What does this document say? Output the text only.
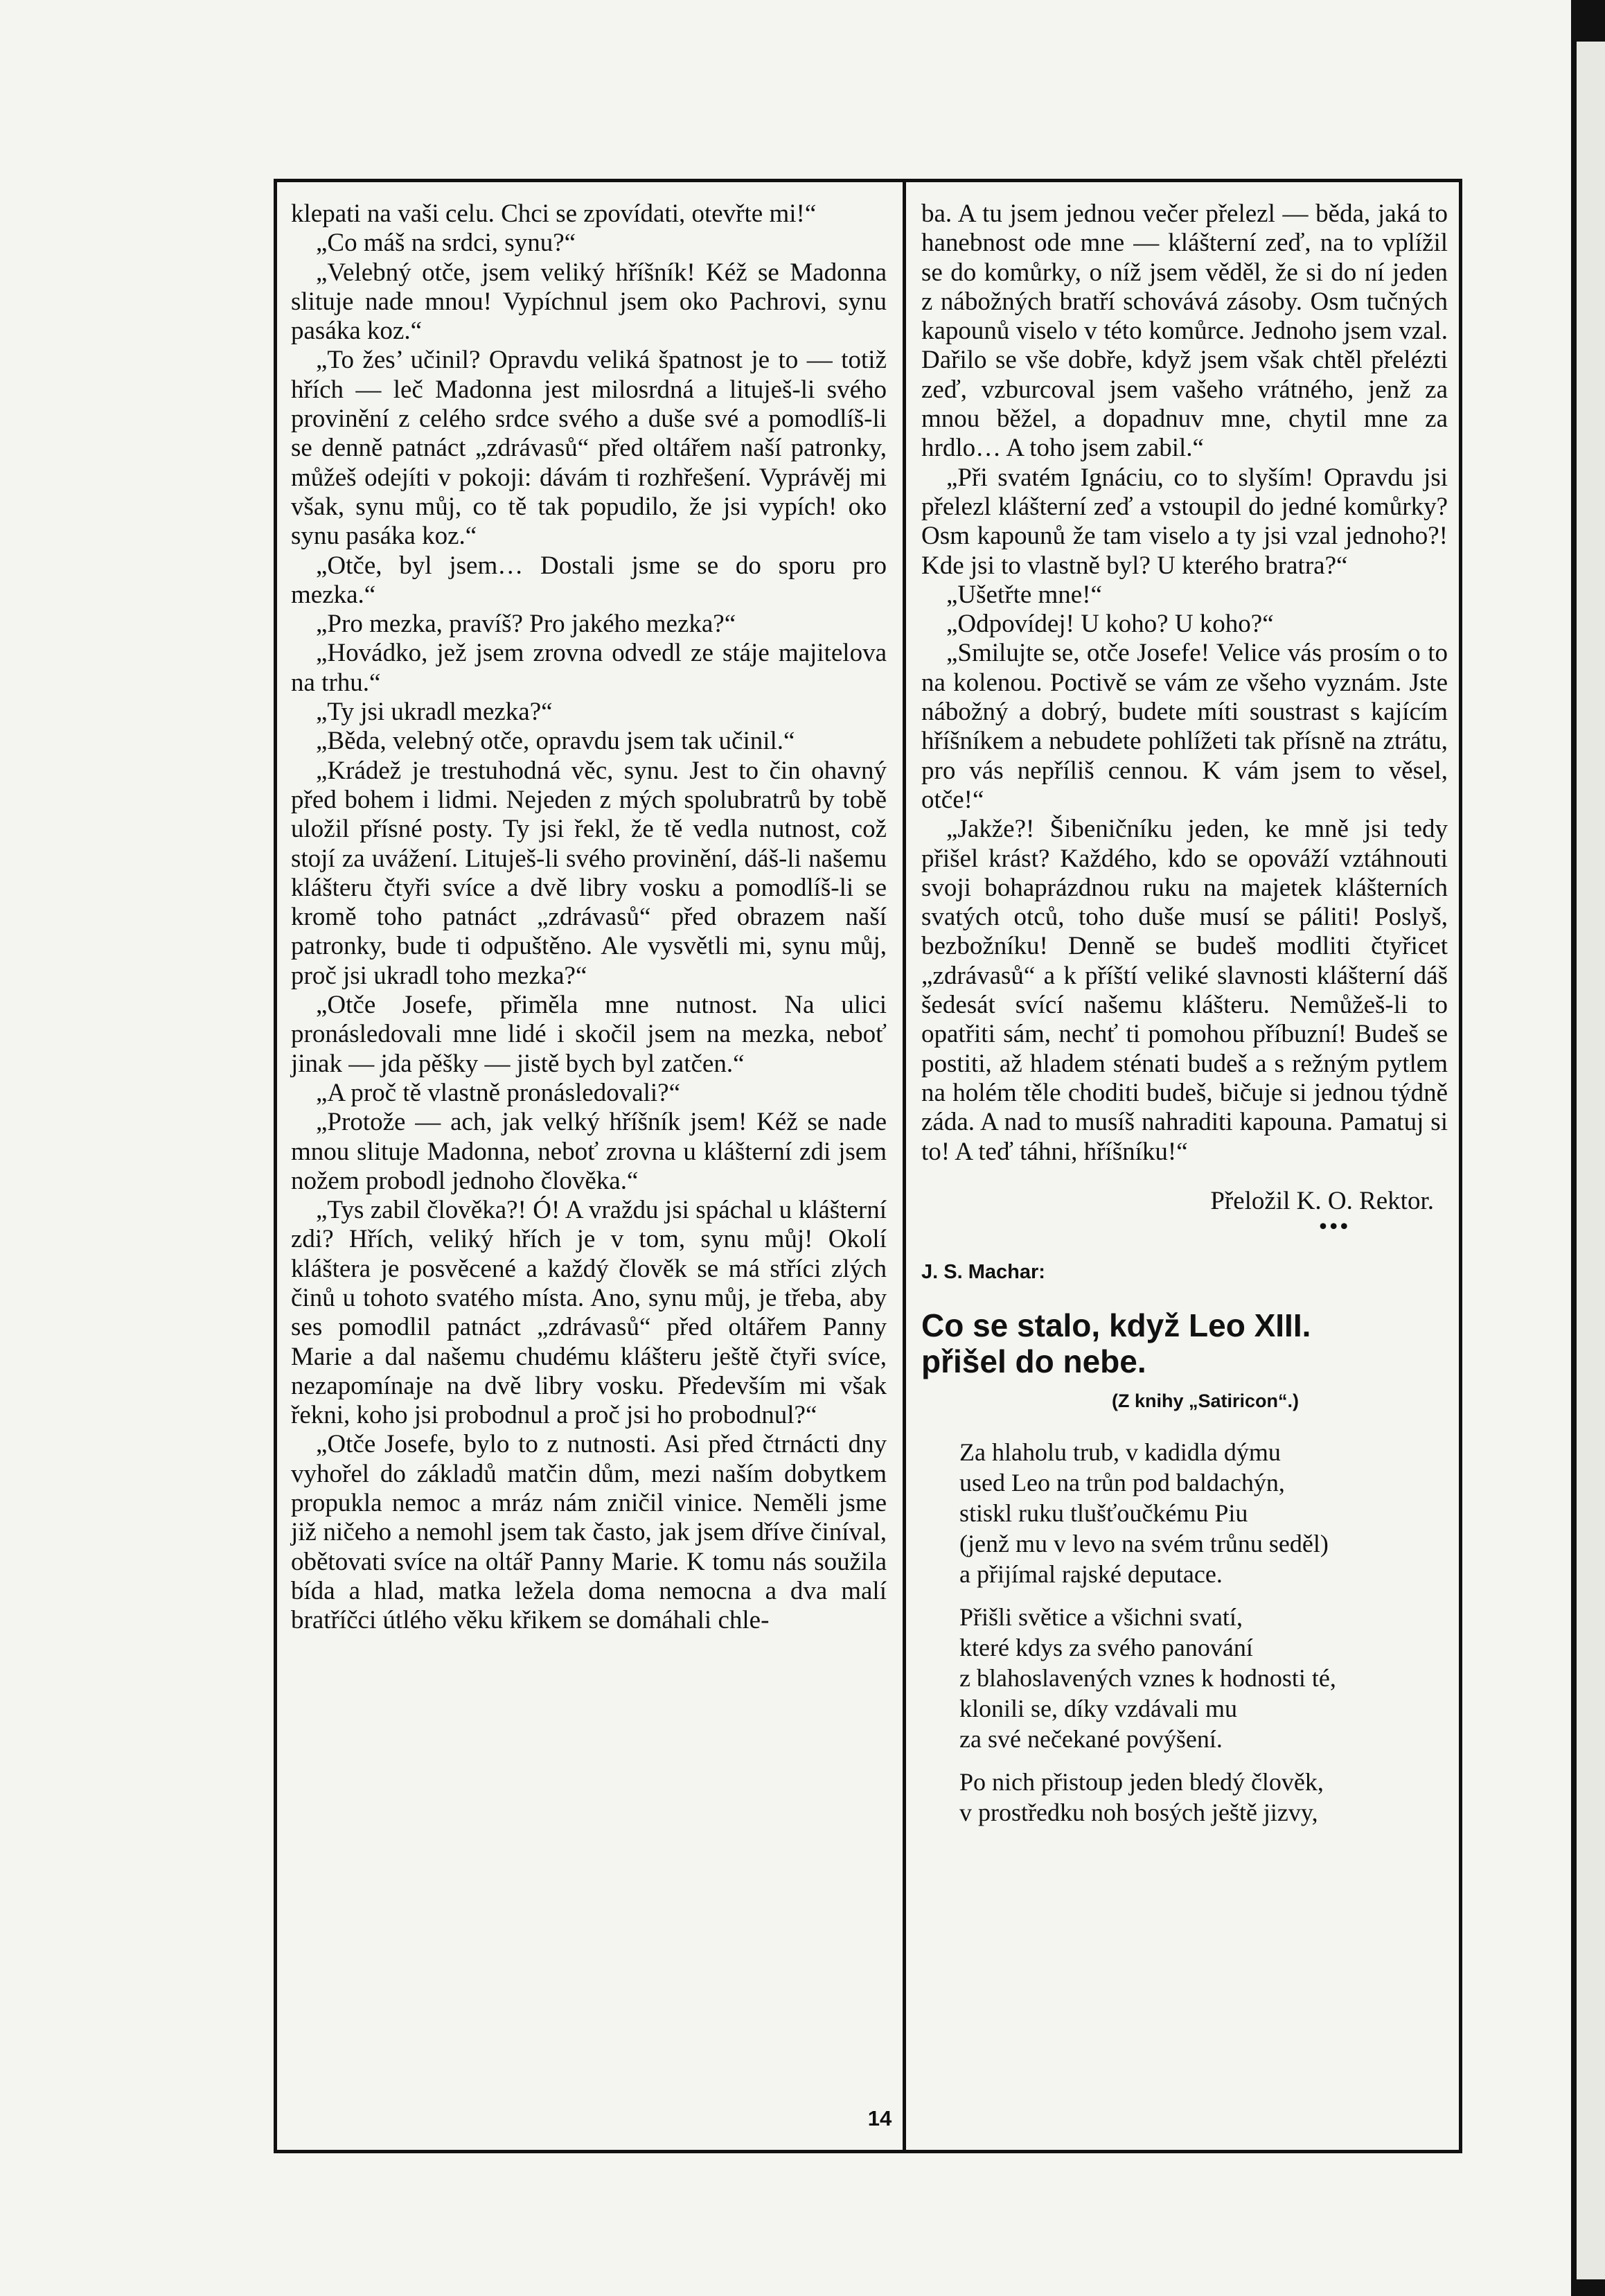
klepati na vaši celu. Chci se zpovídati, otevřte mi!“

„Co máš na srdci, synu?“

„Velebný otče, jsem veliký hříšník! Kéž se Madonna slituje nade mnou! Vypíchnul jsem oko Pachrovi, synu pasáka koz.“

„To žes’ učinil? Opravdu veliká špatnost je to — totiž hřích — leč Madonna jest milosrdná a lituješ-li svého provinění z celého srdce svého a duše své a pomodlíš-li se denně patnáct „zdrávasů“ před oltářem naší patronky, můžeš odejíti v pokoji: dávám ti rozhřešení. Vyprávěj mi však, synu můj, co tě tak popudilo, že jsi vypích! oko synu pasáka koz.“

„Otče, byl jsem… Dostali jsme se do sporu pro mezka.“

„Pro mezka, pravíš? Pro jakého mezka?“

„Hovádko, jež jsem zrovna odvedl ze stáje majitelova na trhu.“

„Ty jsi ukradl mezka?“

„Běda, velebný otče, opravdu jsem tak učinil.“

„Krádež je trestuhodná věc, synu. Jest to čin ohavný před bohem i lidmi. Nejeden z mých spolubratrů by tobě uložil přísné posty. Ty jsi řekl, že tě vedla nutnost, což stojí za uvážení. Lituješ-li svého provinění, dáš-li našemu klášteru čtyři svíce a dvě libry vosku a pomodlíš-li se kromě toho patnáct „zdrávasů“ před obrazem naší patronky, bude ti odpuštěno. Ale vysvětli mi, synu můj, proč jsi ukradl toho mezka?“

„Otče Josefe, přiměla mne nutnost. Na ulici pronásledovali mne lidé i skočil jsem na mezka, neboť jinak — jda pěšky — jistě bych byl zatčen.“

„A proč tě vlastně pronásledovali?“

„Protože — ach, jak velký hříšník jsem! Kéž se nade mnou slituje Madonna, neboť zrovna u klášterní zdi jsem nožem probodl jednoho člověka.“

„Tys zabil člověka?! Ó! A vraždu jsi spáchal u klášterní zdi? Hřích, veliký hřích je v tom, synu můj! Okolí kláštera je posvěcené a každý člověk se má stříci zlých činů u tohoto svatého místa. Ano, synu můj, je třeba, aby ses pomodlil patnáct „zdrávasů“ před oltářem Panny Marie a dal našemu chudému klášteru ještě čtyři svíce, nezapomínaje na dvě libry vosku. Především mi však řekni, koho jsi probodnul a proč jsi ho probodnul?“

„Otče Josefe, bylo to z nutnosti. Asi před čtrnácti dny vyhořel do základů matčin dům, mezi naším dobytkem propukla nemoc a mráz nám zničil vinice. Neměli jsme již ničeho a nemohl jsem tak často, jak jsem dříve činíval, obětovati svíce na oltář Panny Marie. K tomu nás soužila bída a hlad, matka ležela doma nemocna a dva malí bratříčci útlého věku křikem se domáhali chle-

ba. A tu jsem jednou večer přelezl — běda, jaká to hanebnost ode mne — klášterní zeď, na to vplížil se do komůrky, o níž jsem věděl, že si do ní jeden z nábožných bratří schovává zásoby. Osm tučných kapounů viselo v této komůrce. Jednoho jsem vzal. Dařilo se vše dobře, když jsem však chtěl přelézti zeď, vzburcoval jsem vašeho vrátného, jenž za mnou běžel, a dopadnuv mne, chytil mne za hrdlo… A toho jsem zabil.“

„Při svatém Ignáciu, co to slyším! Opravdu jsi přelezl klášterní zeď a vstoupil do jedné komůrky? Osm kapounů že tam viselo a ty jsi vzal jednoho?! Kde jsi to vlastně byl? U kterého bratra?“

„Ušetřte mne!“

„Odpovídej! U koho? U koho?“

„Smilujte se, otče Josefe! Velice vás prosím o to na kolenou. Poctivě se vám ze všeho vyznám. Jste nábožný a dobrý, budete míti soustrast s kajícím hříšníkem a nebudete pohlížeti tak přísně na ztrátu, pro vás nepříliš cennou. K vám jsem to věsel, otče!“

„Jakže?! Šibeničníku jeden, ke mně jsi tedy přišel krást? Každého, kdo se opováží vztáhnouti svoji bohaprázdnou ruku na majetek klášterních svatých otců, toho duše musí se páliti! Poslyš, bezbožníku! Denně se budeš modliti čtyřicet „zdrávasů“ a k příští veliké slavnosti klášterní dáš šedesát svící našemu klášteru. Nemůžeš-li to opatřiti sám, nechť ti pomohou příbuzní! Budeš se postiti, až hladem sténati budeš a s režným pytlem na holém těle choditi budeš, bičuje si jednou týdně záda. A nad to musíš nahraditi kapouna. Pamatuj si to! A teď táhni, hříšníku!“

Přeložil K. O. Rektor.
•••
J. S. Machar:
Co se stalo, když Leo XIII.
přišel do nebe.
(Z knihy „Satiricon“.)
Za hlaholu trub, v kadidla dýmu
used Leo na trůn pod baldachýn,
stiskl ruku tlušťoučkému Piu
(jenž mu v levo na svém trůnu seděl)
a přijímal rajské deputace.
Přišli světice a všichni svatí,
které kdys za svého panování
z blahoslavených vznes k hodnosti té,
klonili se, díky vzdávali mu
za své nečekané povýšení.
Po nich přistoup jeden bledý člověk,
v prostředku noh bosých ještě jizvy,
14
